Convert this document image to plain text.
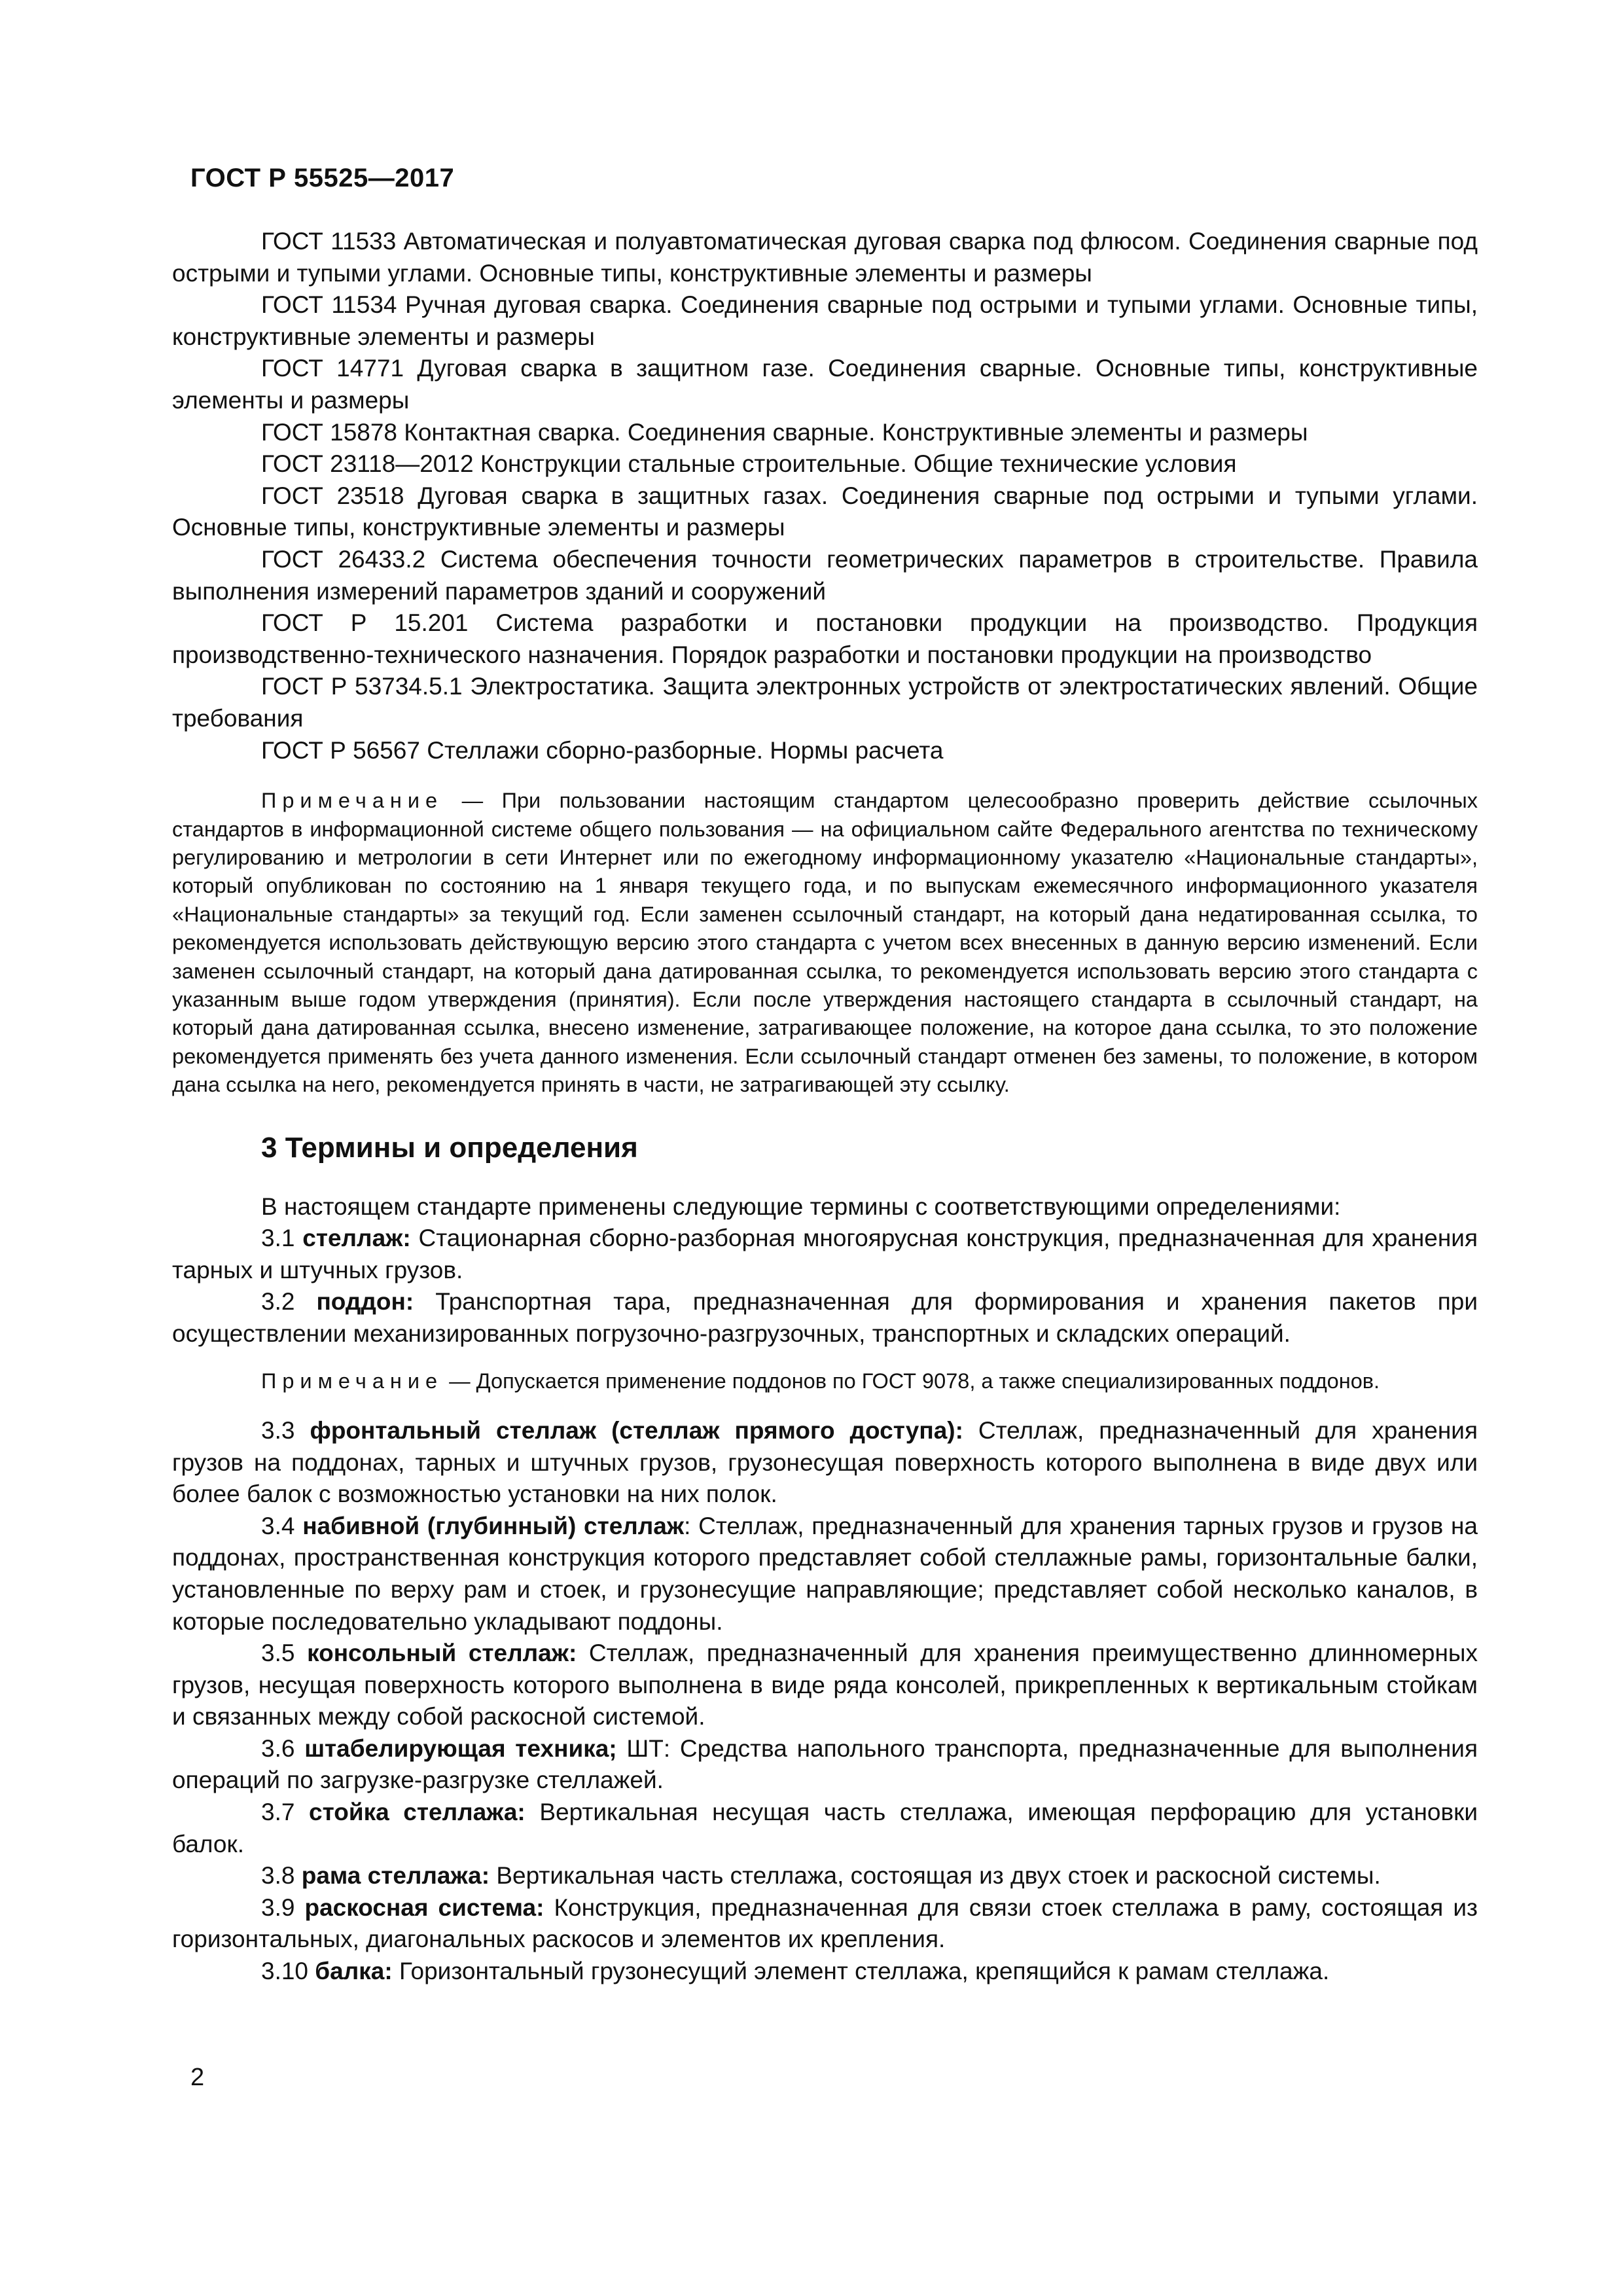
ГОСТ Р 55525—2017

ГОСТ 11533 Автоматическая и полуавтоматическая дуговая сварка под флюсом. Соединения сварные под острыми и тупыми углами. Основные типы, конструктивные элементы и размеры

ГОСТ 11534 Ручная дуговая сварка. Соединения сварные под острыми и тупыми углами. Основные типы, конструктивные элементы и размеры

ГОСТ 14771 Дуговая сварка в защитном газе. Соединения сварные. Основные типы, конструктивные элементы и размеры

ГОСТ 15878 Контактная сварка. Соединения сварные. Конструктивные элементы и размеры

ГОСТ 23118—2012 Конструкции стальные строительные. Общие технические условия

ГОСТ 23518 Дуговая сварка в защитных газах. Соединения сварные под острыми и тупыми углами. Основные типы, конструктивные элементы и размеры

ГОСТ 26433.2 Система обеспечения точности геометрических параметров в строительстве. Правила выполнения измерений параметров зданий и сооружений

ГОСТ Р 15.201 Система разработки и постановки продукции на производство. Продукция производственно-технического назначения. Порядок разработки и постановки продукции на производство

ГОСТ Р 53734.5.1 Электростатика. Защита электронных устройств от электростатических явлений. Общие требования

ГОСТ Р 56567 Стеллажи сборно-разборные. Нормы расчета

Примечание — При пользовании настоящим стандартом целесообразно проверить действие ссылочных стандартов в информационной системе общего пользования — на официальном сайте Федерального агентства по техническому регулированию и метрологии в сети Интернет или по ежегодному информационному указателю «Национальные стандарты», который опубликован по состоянию на 1 января текущего года, и по выпускам ежемесячного информационного указателя «Национальные стандарты» за текущий год. Если заменен ссылочный стандарт, на который дана недатированная ссылка, то рекомендуется использовать действующую версию этого стандарта с учетом всех внесенных в данную версию изменений. Если заменен ссылочный стандарт, на который дана датированная ссылка, то рекомендуется использовать версию этого стандарта с указанным выше годом утверждения (принятия). Если после утверждения настоящего стандарта в ссылочный стандарт, на который дана датированная ссылка, внесено изменение, затрагивающее положение, на которое дана ссылка, то это положение рекомендуется применять без учета данного изменения. Если ссылочный стандарт отменен без замены, то положение, в котором дана ссылка на него, рекомендуется принять в части, не затрагивающей эту ссылку.

3 Термины и определения

В настоящем стандарте применены следующие термины с соответствующими определениями:

3.1 стеллаж: Стационарная сборно-разборная многоярусная конструкция, предназначенная для хранения тарных и штучных грузов.

3.2 поддон: Транспортная тара, предназначенная для формирования и хранения пакетов при осуществлении механизированных погрузочно-разгрузочных, транспортных и складских операций.

Примечание — Допускается применение поддонов по ГОСТ 9078, а также специализированных поддонов.

3.3 фронтальный стеллаж (стеллаж прямого доступа): Стеллаж, предназначенный для хранения грузов на поддонах, тарных и штучных грузов, грузонесущая поверхность которого выполнена в виде двух или более балок с возможностью установки на них полок.

3.4 набивной (глубинный) стеллаж: Стеллаж, предназначенный для хранения тарных грузов и грузов на поддонах, пространственная конструкция которого представляет собой стеллажные рамы, горизонтальные балки, установленные по верху рам и стоек, и грузонесущие направляющие; представляет собой несколько каналов, в которые последовательно укладывают поддоны.

3.5 консольный стеллаж: Стеллаж, предназначенный для хранения преимущественно длинномерных грузов, несущая поверхность которого выполнена в виде ряда консолей, прикрепленных к вертикальным стойкам и связанных между собой раскосной системой.

3.6 штабелирующая техника; ШТ: Средства напольного транспорта, предназначенные для выполнения операций по загрузке-разгрузке стеллажей.

3.7 стойка стеллажа: Вертикальная несущая часть стеллажа, имеющая перфорацию для установки балок.

3.8 рама стеллажа: Вертикальная часть стеллажа, состоящая из двух стоек и раскосной системы.

3.9 раскосная система: Конструкция, предназначенная для связи стоек стеллажа в раму, состоящая из горизонтальных, диагональных раскосов и элементов их крепления.

3.10 балка: Горизонтальный грузонесущий элемент стеллажа, крепящийся к рамам стеллажа.

2
